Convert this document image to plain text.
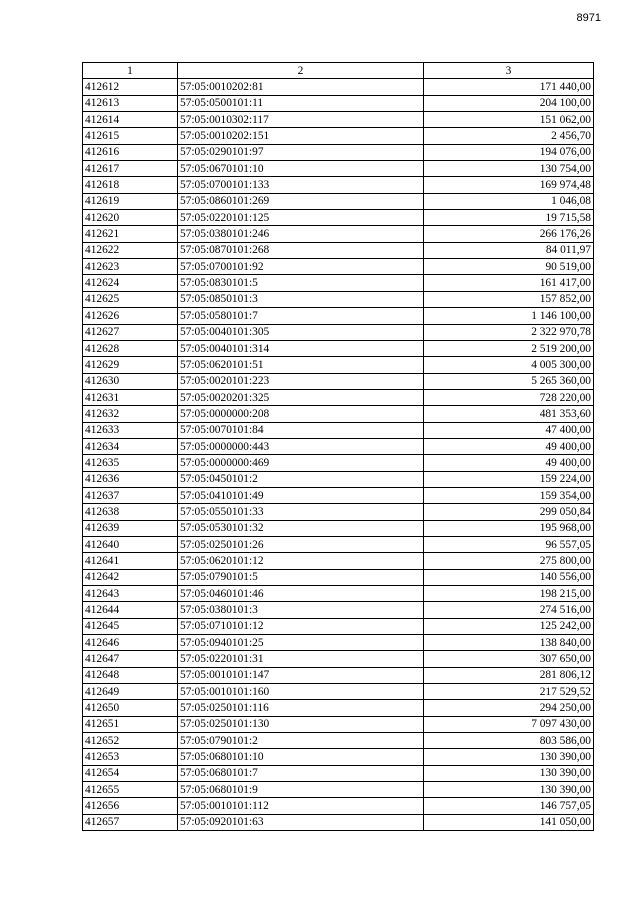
8971
1	2	3
412612	57:05:0010202:81	171 440,00
412613	57:05:0500101:11	204 100,00
412614	57:05:0010302:117	151 062,00
412615	57:05:0010202:151	2 456,70
412616	57:05:0290101:97	194 076,00
412617	57:05:0670101:10	130 754,00
412618	57:05:0700101:133	169 974,48
412619	57:05:0860101:269	1 046,08
412620	57:05:0220101:125	19 715,58
412621	57:05:0380101:246	266 176,26
412622	57:05:0870101:268	84 011,97
412623	57:05:0700101:92	90 519,00
412624	57:05:0830101:5	161 417,00
412625	57:05:0850101:3	157 852,00
412626	57:05:0580101:7	1 146 100,00
412627	57:05:0040101:305	2 322 970,78
412628	57:05:0040101:314	2 519 200,00
412629	57:05:0620101:51	4 005 300,00
412630	57:05:0020101:223	5 265 360,00
412631	57:05:0020201:325	728 220,00
412632	57:05:0000000:208	481 353,60
412633	57:05:0070101:84	47 400,00
412634	57:05:0000000:443	49 400,00
412635	57:05:0000000:469	49 400,00
412636	57:05:0450101:2	159 224,00
412637	57:05:0410101:49	159 354,00
412638	57:05:0550101:33	299 050,84
412639	57:05:0530101:32	195 968,00
412640	57:05:0250101:26	96 557,05
412641	57:05:0620101:12	275 800,00
412642	57:05:0790101:5	140 556,00
412643	57:05:0460101:46	198 215,00
412644	57:05:0380101:3	274 516,00
412645	57:05:0710101:12	125 242,00
412646	57:05:0940101:25	138 840,00
412647	57:05:0220101:31	307 650,00
412648	57:05:0010101:147	281 806,12
412649	57:05:0010101:160	217 529,52
412650	57:05:0250101:116	294 250,00
412651	57:05:0250101:130	7 097 430,00
412652	57:05:0790101:2	803 586,00
412653	57:05:0680101:10	130 390,00
412654	57:05:0680101:7	130 390,00
412655	57:05:0680101:9	130 390,00
412656	57:05:0010101:112	146 757,05
412657	57:05:0920101:63	141 050,00
